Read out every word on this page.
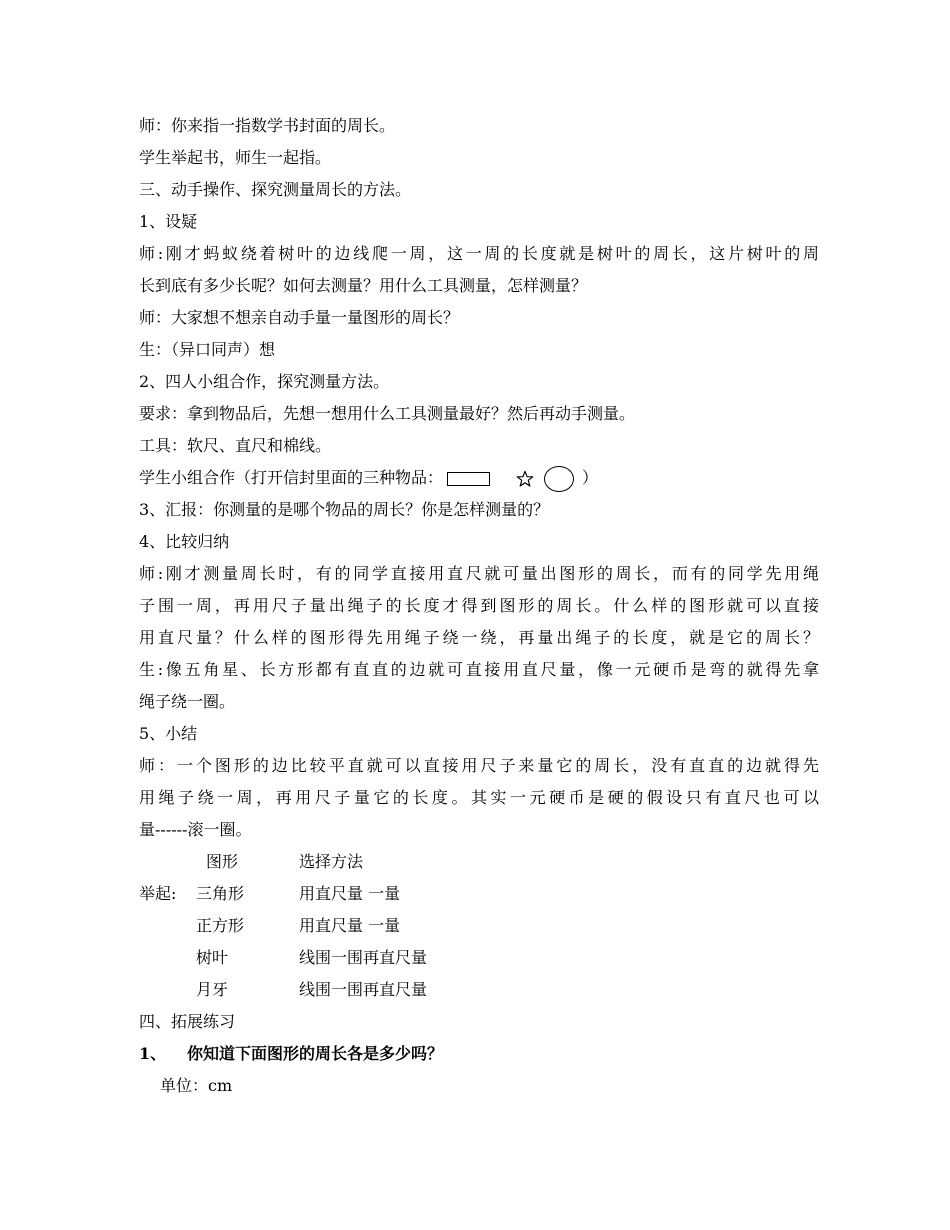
师：你来指一指数学书封面的周长。
学生举起书，师生一起指。
三、动手操作、探究测量周长的方法。
1、设疑
师:刚才蚂蚁绕着树叶的边线爬一周，这一周的长度就是树叶的周长，这片树叶的周
长到底有多少长呢？如何去测量？用什么工具测量，怎样测量？
师：大家想不想亲自动手量一量图形的周长？
生：（异口同声）想
2、四人小组合作，探究测量方法。
要求：拿到物品后，先想一想用什么工具测量最好？然后再动手测量。
工具：软尺、直尺和棉线。
学生小组合作（打开信封里面的三种物品：	）
3、汇报：你测量的是哪个物品的周长？你是怎样测量的？
4、比较归纳
师:刚才测量周长时，有的同学直接用直尺就可量出图形的周长，而有的同学先用绳
子围一周，再用尺子量出绳子的长度才得到图形的周长。什么样的图形就可以直接
用直尺量？什么样的图形得先用绳子绕一绕，再量出绳子的长度，就是它的周长？
生:像五角星、长方形都有直直的边就可直接用直尺量，像一元硬币是弯的就得先拿
绳子绕一圈。
5、小结
师：一个图形的边比较平直就可以直接用尺子来量它的周长，没有直直的边就得先
用绳子绕一周，再用尺子量它的长度。其实一元硬币是硬的假设只有直尺也可以
量------滚一圈。
图形	选择方法
举起: 三角形	用直尺量 一量
正方形	用直尺量 一量
树叶	线围一围再直尺量
月牙	线围一围再直尺量
四、拓展练习
1、 你知道下面图形的周长各是多少吗？
单位：cm
